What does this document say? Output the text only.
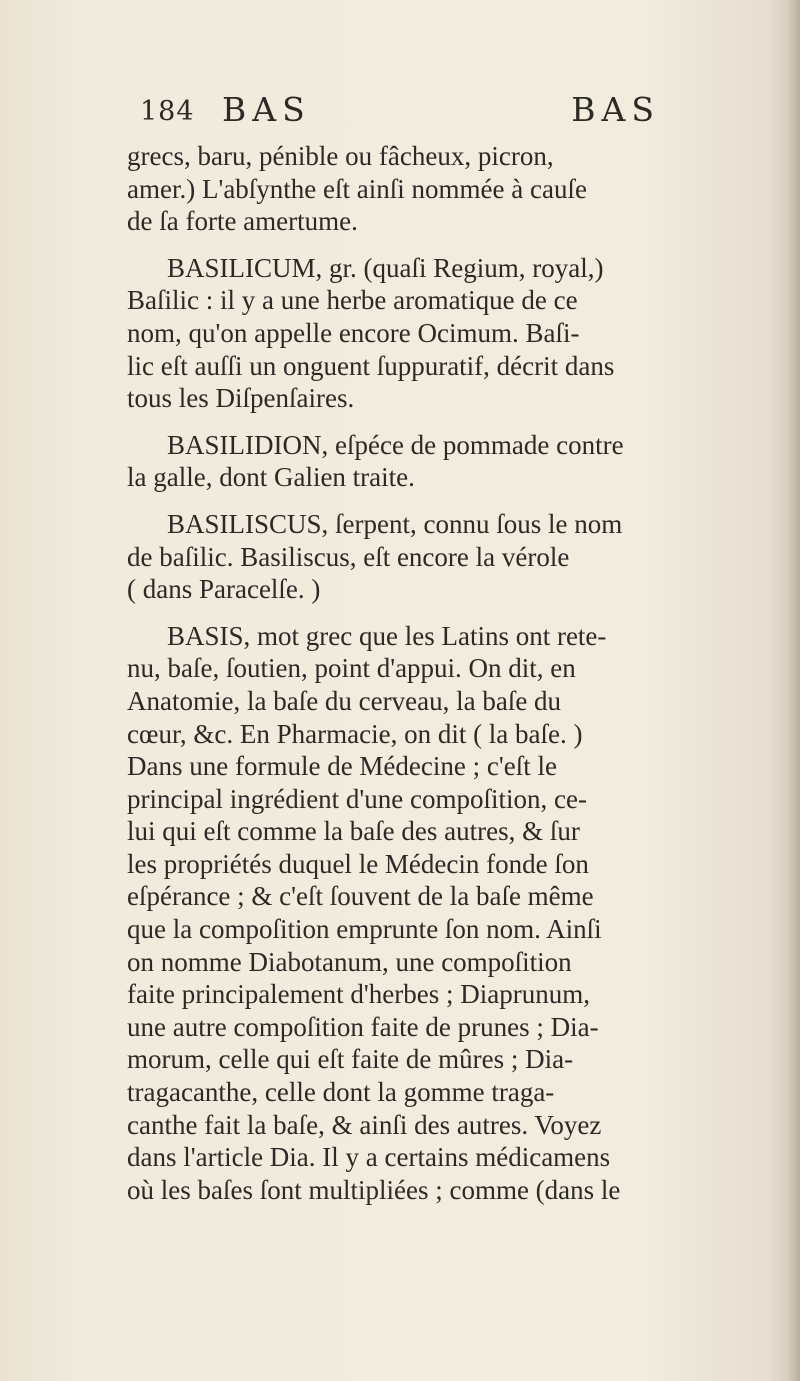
184 BAS	BAS
grecs, baru, pénible ou fâcheux, picron,
amer.) L'abſynthe eſt ainſi nommée à cauſe
de ſa forte amertume.
BASILICUM, gr. (quaſi Regium, royal,)
Baſilic : il y a une herbe aromatique de ce
nom, qu'on appelle encore Ocimum. Baſi-
lic eſt auſſi un onguent ſuppuratif, décrit dans
tous les Diſpenſaires.
BASILIDION, eſpéce de pommade contre
la galle, dont Galien traite.
BASILISCUS, ſerpent, connu ſous le nom
de baſilic. Basiliscus, eſt encore la vérole
( dans Paracelſe. )
BASIS, mot grec que les Latins ont rete-
nu, baſe, ſoutien, point d'appui. On dit, en
Anatomie, la baſe du cerveau, la baſe du
cœur, &c. En Pharmacie, on dit ( la baſe. )
Dans une formule de Médecine ; c'eſt le
principal ingrédient d'une compoſition, ce-
lui qui eſt comme la baſe des autres, & ſur
les propriétés duquel le Médecin fonde ſon
eſpérance ; & c'eſt ſouvent de la baſe même
que la compoſition emprunte ſon nom. Ainſi
on nomme Diabotanum, une compoſition
faite principalement d'herbes ; Diaprunum,
une autre compoſition faite de prunes ; Dia-
morum, celle qui eſt faite de mûres ; Dia-
tragacanthe, celle dont la gomme traga-
canthe fait la baſe, & ainſi des autres. Voyez
dans l'article Dia. Il y a certains médicamens
où les baſes ſont multipliées ; comme (dans le
